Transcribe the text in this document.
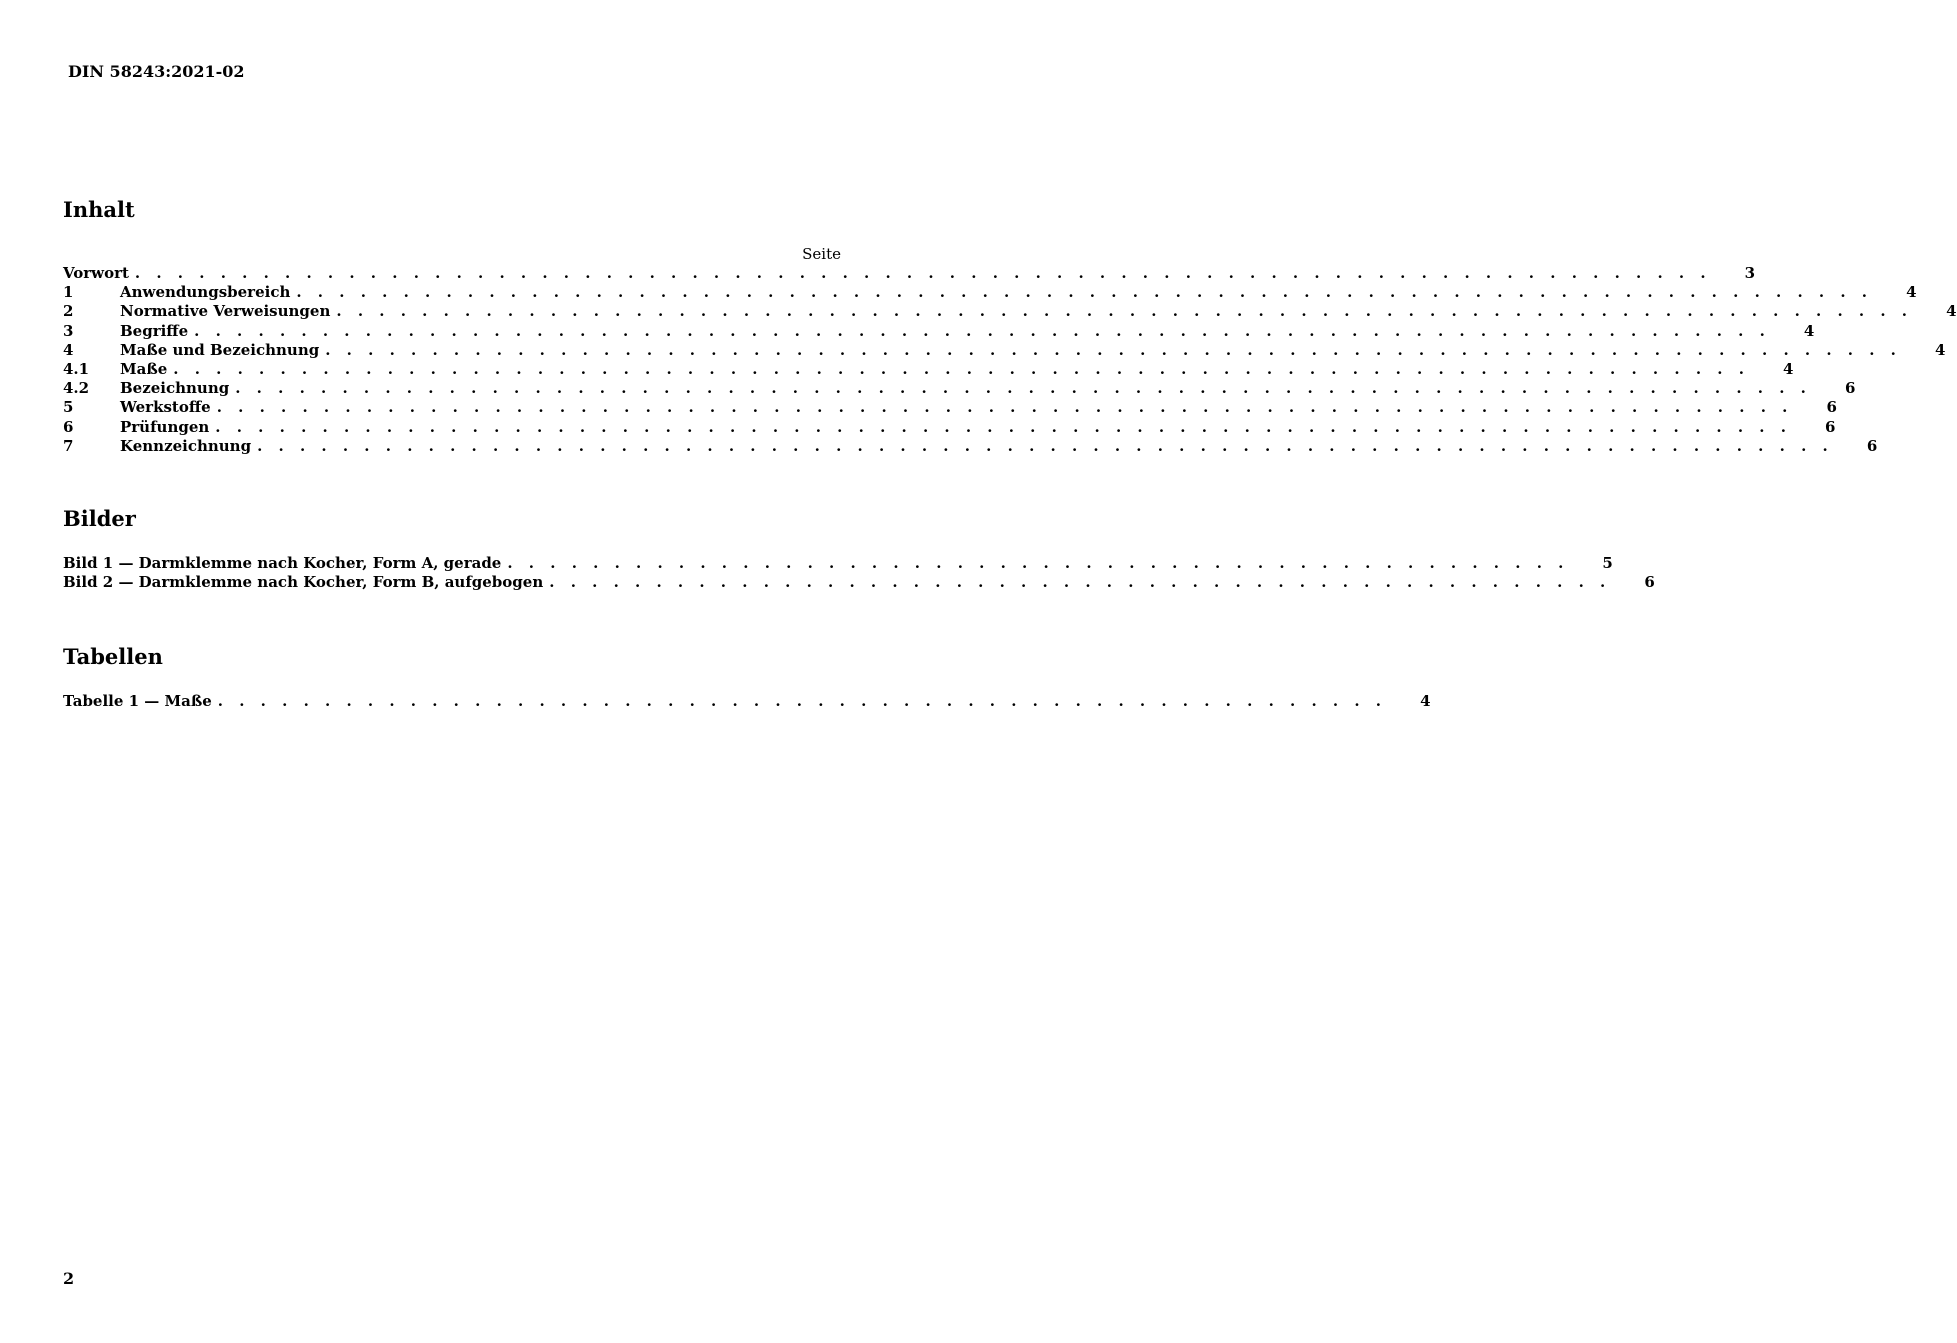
DIN 58243:2021-02
Inhalt
Seite
Vorwort . . . . . . . . . . . . . . . . . . . . . . . . . . . . . . . . . . . . . . . . . . . . . . . . . . . . . . . . . . . . . . . . . . . . . . . . . . 3
1	Anwendungsbereich . . . . . . . . . . . . . . . . . . . . . . . . . . . . . . . . . . . . . . . . . . . . . . . . . . . . . . . . . . . . . . . . . . . . . . . . . . 4
2	Normative Verweisungen . . . . . . . . . . . . . . . . . . . . . . . . . . . . . . . . . . . . . . . . . . . . . . . . . . . . . . . . . . . . . . . . . . . . . . . . . . 4
3	Begriffe . . . . . . . . . . . . . . . . . . . . . . . . . . . . . . . . . . . . . . . . . . . . . . . . . . . . . . . . . . . . . . . . . . . . . . . . . . 4
4	Maße und Bezeichnung . . . . . . . . . . . . . . . . . . . . . . . . . . . . . . . . . . . . . . . . . . . . . . . . . . . . . . . . . . . . . . . . . . . . . . . . . . 4
4.1	Maße . . . . . . . . . . . . . . . . . . . . . . . . . . . . . . . . . . . . . . . . . . . . . . . . . . . . . . . . . . . . . . . . . . . . . . . . . . 4
4.2	Bezeichnung . . . . . . . . . . . . . . . . . . . . . . . . . . . . . . . . . . . . . . . . . . . . . . . . . . . . . . . . . . . . . . . . . . . . . . . . . . 6
5	Werkstoffe . . . . . . . . . . . . . . . . . . . . . . . . . . . . . . . . . . . . . . . . . . . . . . . . . . . . . . . . . . . . . . . . . . . . . . . . . . 6
6	Prüfungen . . . . . . . . . . . . . . . . . . . . . . . . . . . . . . . . . . . . . . . . . . . . . . . . . . . . . . . . . . . . . . . . . . . . . . . . . . 6
7	Kennzeichnung . . . . . . . . . . . . . . . . . . . . . . . . . . . . . . . . . . . . . . . . . . . . . . . . . . . . . . . . . . . . . . . . . . . . . . . . . . 6
Bilder
Bild 1 — Darmklemme nach Kocher, Form A, gerade . . . . . . . . . . . . . . . . . . . . . . . . . . . . . . . . . . . . . . . . . . . . . . . . . . 5
Bild 2 — Darmklemme nach Kocher, Form B, aufgebogen . . . . . . . . . . . . . . . . . . . . . . . . . . . . . . . . . . . . . . . . . . . . . . . . . . 6
Tabellen
Tabelle 1 — Maße . . . . . . . . . . . . . . . . . . . . . . . . . . . . . . . . . . . . . . . . . . . . . . . . . . . . . . . 4
2
